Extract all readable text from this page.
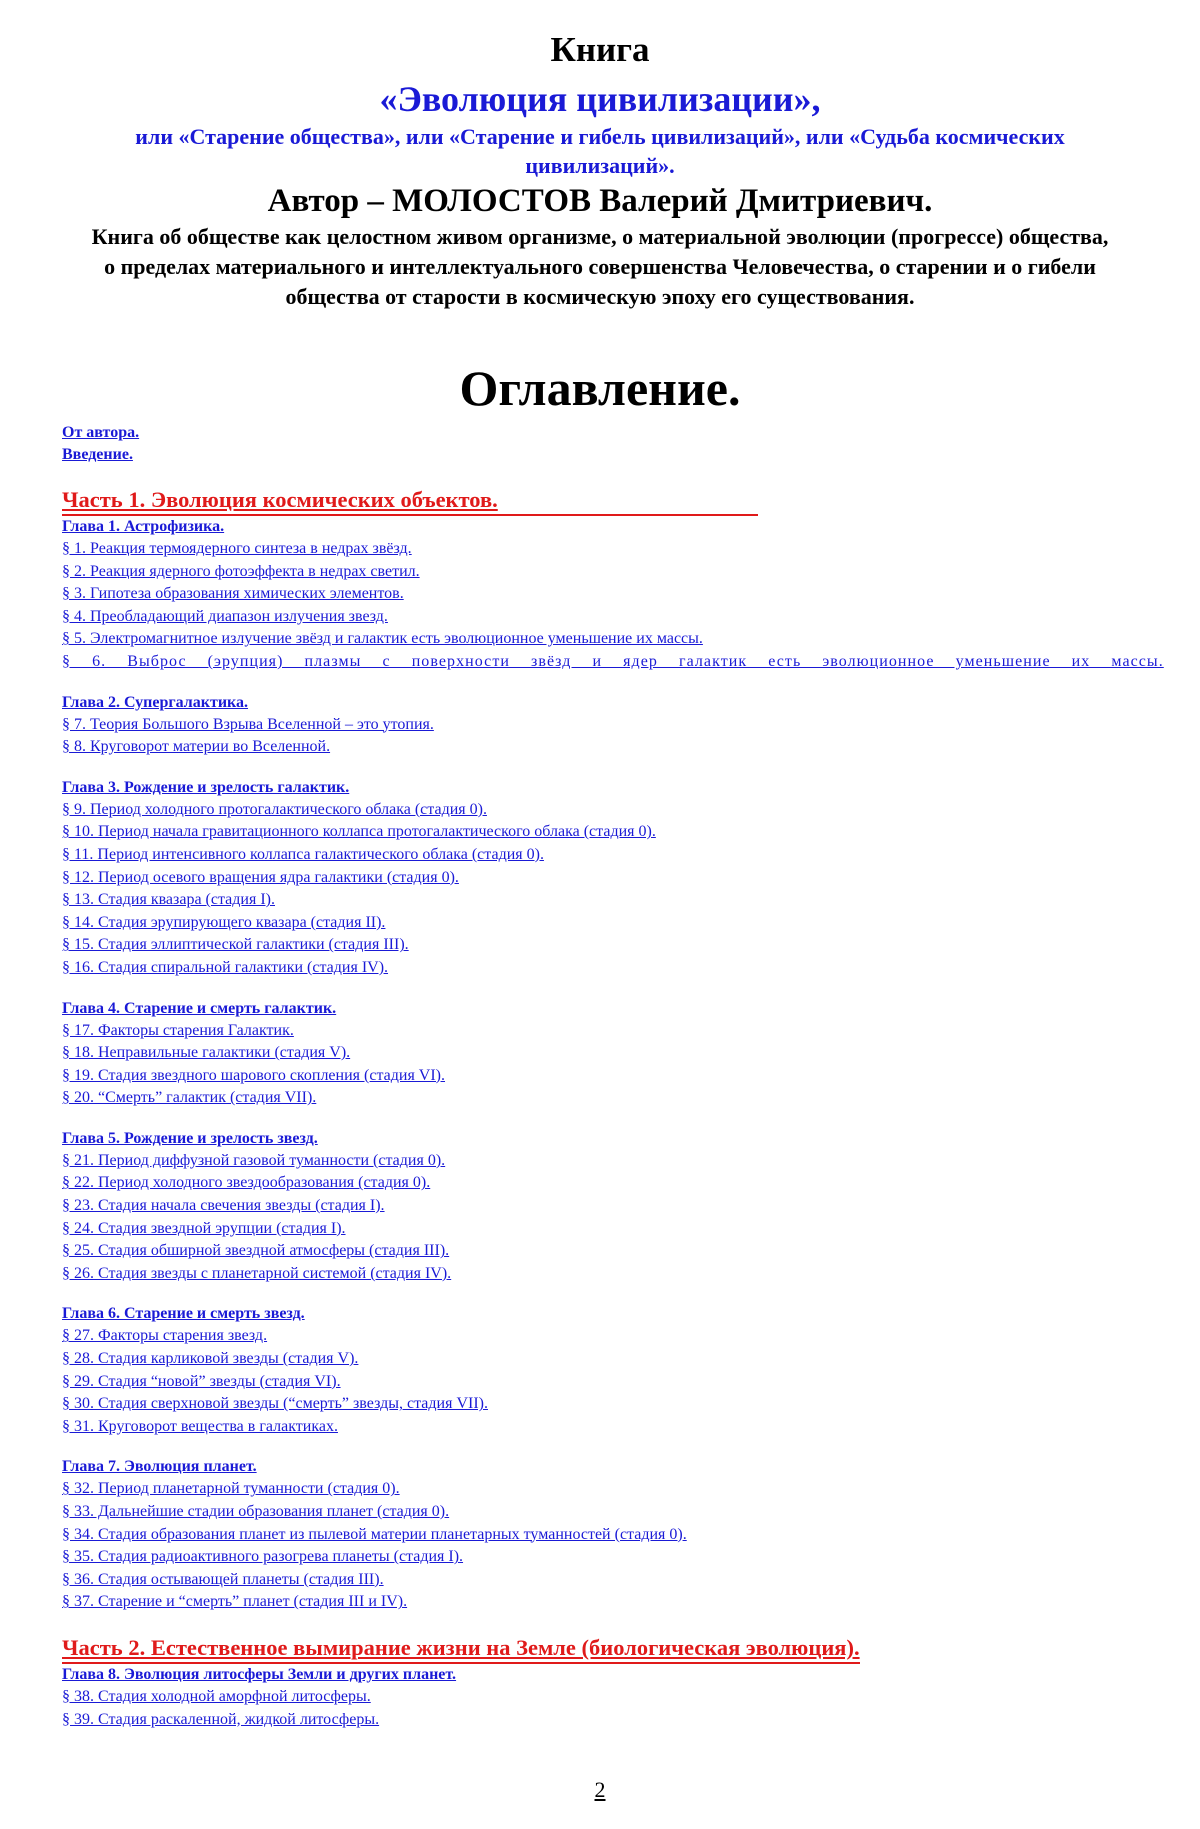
Книга
«Эволюция цивилизации»,
или «Старение общества», или «Старение и гибель цивилизаций», или «Судьба космических цивилизаций».
Автор – МОЛОСТОВ Валерий Дмитриевич.
Книга об обществе как целостном живом организме, о материальной эволюции (прогрессе) общества, о пределах материального и интеллектуального совершенства Человечества, о старении и о гибели общества от старости в космическую эпоху его существования.
Оглавление.
От автора.
Введение.
Часть 1. Эволюция космических объектов.
Глава 1. Астрофизика.
§ 1. Реакция термоядерного синтеза в недрах звёзд.
§ 2. Реакция ядерного фотоэффекта в недрах светил.
§ 3. Гипотеза образования химических элементов.
§ 4. Преобладающий диапазон излучения звезд.
§ 5. Электромагнитное излучение звёзд и галактик есть эволюционное уменьшение их массы.
§ 6. Выброс (эрупция) плазмы с поверхности звёзд и ядер галактик есть эволюционное уменьшение их массы.
Глава 2. Супергалактика.
§ 7. Теория Большого Взрыва Вселенной – это утопия.
§ 8. Круговорот материи во Вселенной.
Глава 3. Рождение и зрелость галактик.
§ 9. Период холодного протогалактического облака (стадия 0).
§ 10. Период начала гравитационного коллапса протогалактического облака (стадия 0).
§ 11. Период интенсивного коллапса галактического облака (стадия 0).
§ 12. Период осевого вращения ядра галактики (стадия 0).
§ 13. Стадия квазара (стадия I).
§ 14. Стадия эрупирующего квазара (стадия II).
§ 15. Стадия эллиптической галактики (стадия III).
§ 16. Стадия спиральной галактики (стадия IV).
Глава 4. Старение и смерть галактик.
§ 17. Факторы старения Галактик.
§ 18. Неправильные галактики (стадия V).
§ 19. Стадия звездного шарового скопления (стадия VI).
§ 20. “Смерть” галактик (стадия VII).
Глава 5. Рождение и зрелость звезд.
§ 21. Период диффузной газовой туманности (стадия 0).
§ 22. Период холодного звездообразования (стадия 0).
§ 23. Стадия начала свечения звезды (стадия I).
§ 24. Стадия звездной эрупции (стадия I).
§ 25. Стадия обширной звездной атмосферы (стадия III).
§ 26. Стадия звезды с планетарной системой (стадия IV).
Глава 6. Старение и смерть звезд.
§ 27. Факторы старения звезд.
§ 28. Стадия карликовой звезды (стадия V).
§ 29. Стадия “новой” звезды (стадия VI).
§ 30. Стадия сверхновой звезды (“смерть” звезды, стадия VII).
§ 31. Круговорот вещества в галактиках.
Глава 7. Эволюция планет.
§ 32. Период планетарной туманности (стадия 0).
§ 33. Дальнейшие стадии образования планет (стадия 0).
§ 34. Стадия образования планет из пылевой материи планетарных туманностей (стадия 0).
§ 35. Стадия радиоактивного разогрева планеты (стадия I).
§ 36. Стадия остывающей планеты (стадия III).
§ 37. Старение и “смерть” планет (стадия III и IV).
Часть 2. Естественное вымирание жизни на Земле (биологическая эволюция).
Глава 8. Эволюция литосферы Земли и других планет.
§ 38. Стадия холодной аморфной литосферы.
§ 39. Стадия раскаленной, жидкой литосферы.
2
